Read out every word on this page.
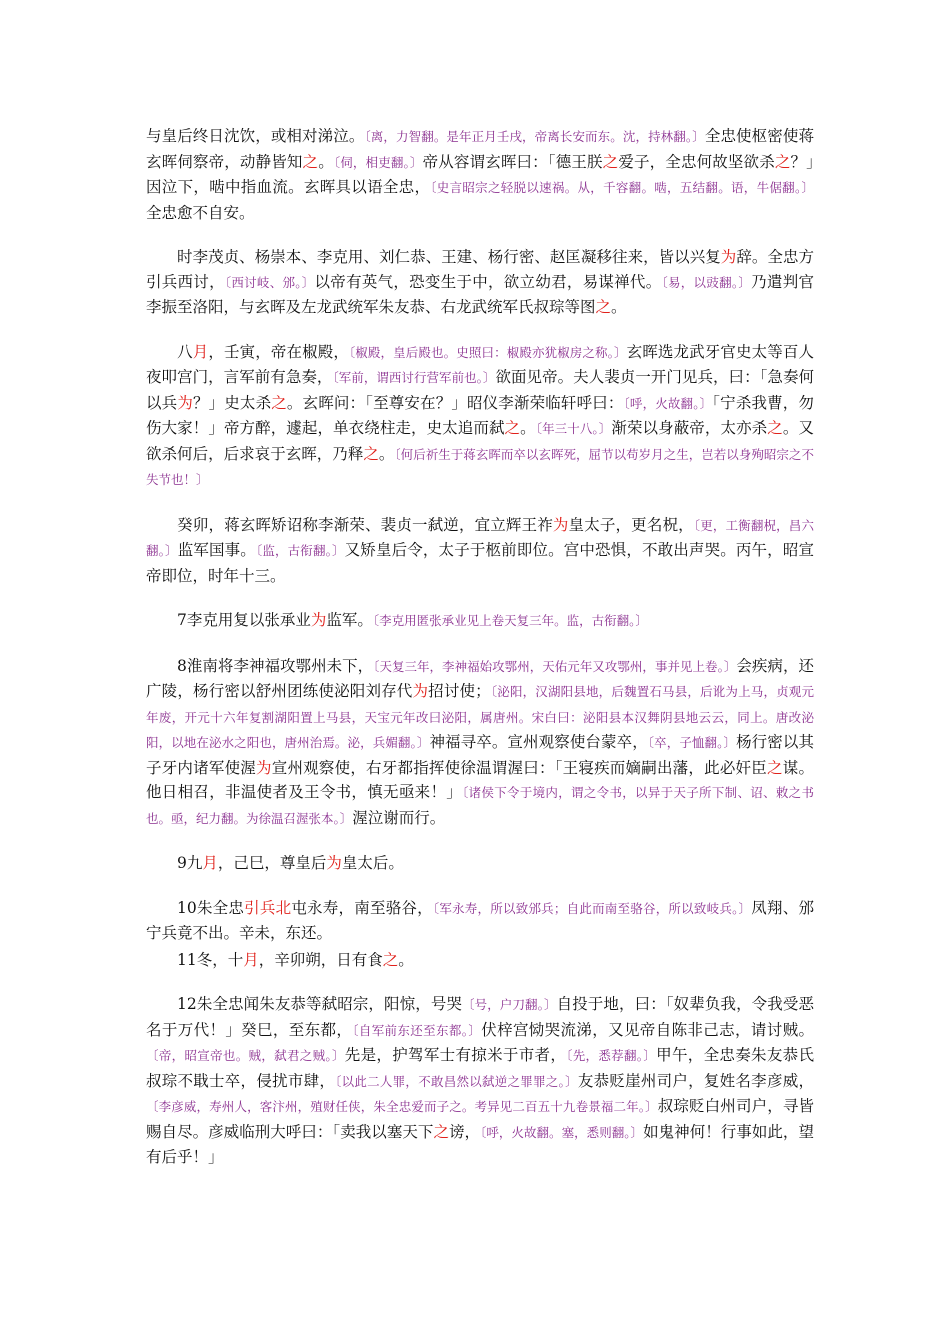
与皇后终日沈饮，或相对涕泣。〔离，力智翻。是年正月壬戌，帝离长安而东。沈，持林翻。〕全忠使枢密使蒋玄晖伺察帝，动静皆知之。〔伺，相吏翻。〕帝从容谓玄晖曰：「德王朕之爱子，全忠何故坚欲杀之？」因泣下，啮中指血流。玄晖具以语全忠，〔史言昭宗之轻脱以速祸。从，千容翻。啮，五结翻。语，牛倨翻。〕全忠愈不自安。

时李茂贞、杨崇本、李克用、刘仁恭、王建、杨行密、赵匡凝移往来，皆以兴复为辞。全忠方引兵西讨，〔西讨岐、邠。〕以帝有英气，恐变生于中，欲立幼君，易谋禅代。〔易，以豉翻。〕乃遣判官李振至洛阳，与玄晖及左龙武统军朱友恭、右龙武统军氏叔琮等图之。

八月，壬寅，帝在椒殿，〔椒殿，皇后殿也。史照曰：椒殿亦犹椒房之称。〕玄晖选龙武牙官史太等百人夜叩宫门，言军前有急奏，〔军前，谓西讨行营军前也。〕欲面见帝。夫人裴贞一开门见兵，曰：「急奏何以兵为？」史太杀之。玄晖问：「至尊安在？」昭仪李渐荣临轩呼曰：〔呼，火故翻。〕「宁杀我曹，勿伤大家！」帝方醉，遽起，单衣绕柱走，史太追而弑之。〔年三十八。〕渐荣以身蔽帝，太亦杀之。又欲杀何后，后求哀于玄晖，乃释之。〔何后祈生于蒋玄晖而卒以玄晖死，屈节以苟岁月之生，岂若以身殉昭宗之不失节也！〕

癸卯，蒋玄晖矫诏称李渐荣、裴贞一弑逆，宜立辉王祚为皇太子，更名柷，〔更，工衡翻柷，昌六翻。〕监军国事。〔监，古衔翻。〕又矫皇后令，太子于柩前即位。宫中恐惧，不敢出声哭。丙午，昭宣帝即位，时年十三。

7李克用复以张承业为监军。〔李克用匿张承业见上卷天复三年。监，古衔翻。〕

8淮南将李神福攻鄂州未下，〔天复三年，李神福始攻鄂州，天佑元年又攻鄂州，事并见上卷。〕会疾病，还广陵，杨行密以舒州团练使泌阳刘存代为招讨使；〔泌阳，汉湖阳县地，后魏置石马县，后讹为上马，贞观元年废，开元十六年复割湖阳置上马县，天宝元年改曰泌阳，属唐州。宋白曰：泌阳县本汉舞阴县地云云，同上。唐改泌阳，以地在泌水之阳也，唐州治焉。泌，兵媚翻。〕神福寻卒。宣州观察使台蒙卒，〔卒，子恤翻。〕杨行密以其子牙内诸军使渥为宣州观察使，右牙都指挥使徐温谓渥曰：「王寝疾而嫡嗣出藩，此必奸臣之谋。他日相召，非温使者及王令书，慎无亟来！」〔诸侯下令于境内，谓之令书，以异于天子所下制、诏、敕之书也。亟，纪力翻。为徐温召渥张本。〕渥泣谢而行。

9九月，己巳，尊皇后为皇太后。

10朱全忠引兵北屯永寿，南至骆谷，〔军永寿，所以致邠兵；自此而南至骆谷，所以致岐兵。〕凤翔、邠宁兵竟不出。辛未，东还。

11冬，十月，辛卯朔，日有食之。

12朱全忠闻朱友恭等弑昭宗，阳惊，号哭〔号，户刀翻。〕自投于地，曰：「奴辈负我，令我受恶名于万代！」癸巳，至东都，〔自军前东还至东都。〕伏梓宫恸哭流涕，又见帝自陈非己志，请讨贼。〔帝，昭宣帝也。贼，弑君之贼。〕先是，护驾军士有掠米于市者，〔先，悉荐翻。〕甲午，全忠奏朱友恭氏叔琮不戢士卒，侵扰市肆，〔以此二人罪，不敢昌然以弑逆之罪罪之。〕友恭贬崖州司户，复姓名李彦威，〔李彦威，寿州人，客汴州，殖财任侠，朱全忠爱而子之。考异见二百五十九卷景福二年。〕叔琮贬白州司户，寻皆赐自尽。彦威临刑大呼曰：「卖我以塞天下之谤，〔呼，火故翻。塞，悉则翻。〕如鬼神何！行事如此，望有后乎！」
